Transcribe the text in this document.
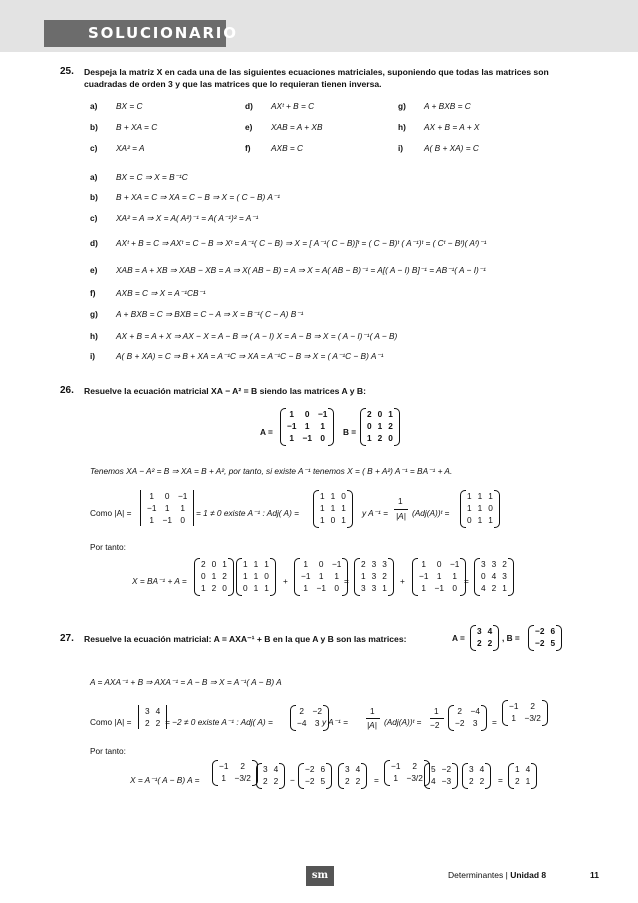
SOLUCIONARIO
25. Despeja la matriz X en cada una de las siguientes ecuaciones matriciales, suponiendo que todas las matrices son cuadradas de orden 3 y que las matrices que lo requieran tienen inversa.
a) BX = C	d) AXᵗ + B = C	g) A + BXB = C
b) B + XA = C	e) XAB = A + XB	h) AX + B = A + X
c) XA² = A	f) AXB = C	i)	A( B + XA) = C
a) BX = C ⇒ X = B⁻¹C
b) B + XA = C ⇒ XA = C − B ⇒ X = ( C − B) A⁻¹
c) XA² = A ⇒ X = A( A²)⁻¹ = A( A⁻¹)² = A⁻¹
d) AXᵗ + B = C ⇒ AXᵗ = C − B ⇒ Xᵗ = A⁻¹( C − B) ⇒ X = [ A⁻¹( C − B)]ᵗ = ( C − B)ᵗ ( A⁻¹)ᵗ = ( Cᵗ − Bᵗ)( Aᵗ)⁻¹
e) XAB = A + XB ⇒ XAB − XB = A ⇒ X( AB − B) = A ⇒ X = A( AB − B)⁻¹ = A[( A − I) B]⁻¹ = AB⁻¹( A − I)⁻¹
f) AXB = C ⇒ X = A⁻¹CB⁻¹
g) A + BXB = C ⇒ BXB = C − A ⇒ X = B⁻¹( C − A) B⁻¹
h) AX + B = A + X ⇒ AX − X = A − B ⇒ ( A − I) X = A − B ⇒ X = ( A − I)⁻¹( A − B)
i)	A( B + XA) = C ⇒ B + XA = A⁻¹C ⇒ XA = A⁻¹C − B ⇒ X = ( A⁻¹C − B) A⁻¹
26. Resuelve la ecuación matricial XA − A² = B siendo las matrices A y B:
A =
1	0	−1
−1	1	1
1	−1	0
B =
2	0	1
0	1	2
1	2	0
Tenemos XA − A² = B ⇒ XA = B + A², por tanto, si existe A⁻¹ tenemos X = ( B + A²) A⁻¹ = BA⁻¹ + A.
Como |A| =
1	0	−1
−1	1	1
1	−1	0
= 1 ≠ 0 existe A⁻¹ : Adj( A) =
1	1	0
1	1	1
1	0	1
y A⁻¹ =
1
|A| (Adj(A))ᵗ =
1	1	1
1	1	0
0	1	1
Por tanto:
X = BA⁻¹ + A =
2	0	1
0	1	2
1	2	0
1	1	1
1	1	0
0	1	1
+
1	0	−1
−1	1	1
1	−1	0
=
2	3	3
1	3	2
3	3	1
+
1	0	−1
−1	1	1
1	−1	0
=
3	3	2
0	4	3
4	2	1
27. Resuelve la ecuación matricial: A = AXA⁻¹ + B en la que A y B son las matrices:	A =
3	4
2	2 , B =
−2	6
−2	5
A = AXA⁻¹ + B ⇒ AXA⁻¹ = A − B ⇒ X = A⁻¹( A − B) A
Como |A| =
3	4
2	2 = −2 ≠ 0 existe A⁻¹ : Adj( A) =
2	−2
−4	3 y A⁻¹ =
1
|A| (Adj(A))ᵗ =
1
−2
2	−4
−2	3 =
−1	2
1	−3/2
Por tanto:
X = A⁻¹( A − B) A =
−1	2
1	−3/2
3	4
2	2 −
−2	6
−2	5
3	4
2	2 =
−1	2
1	−3/2
5	−2
4	−3
3	4
2	2 =
1	4
2	1
sm	Determinantes | Unidad 8	11
